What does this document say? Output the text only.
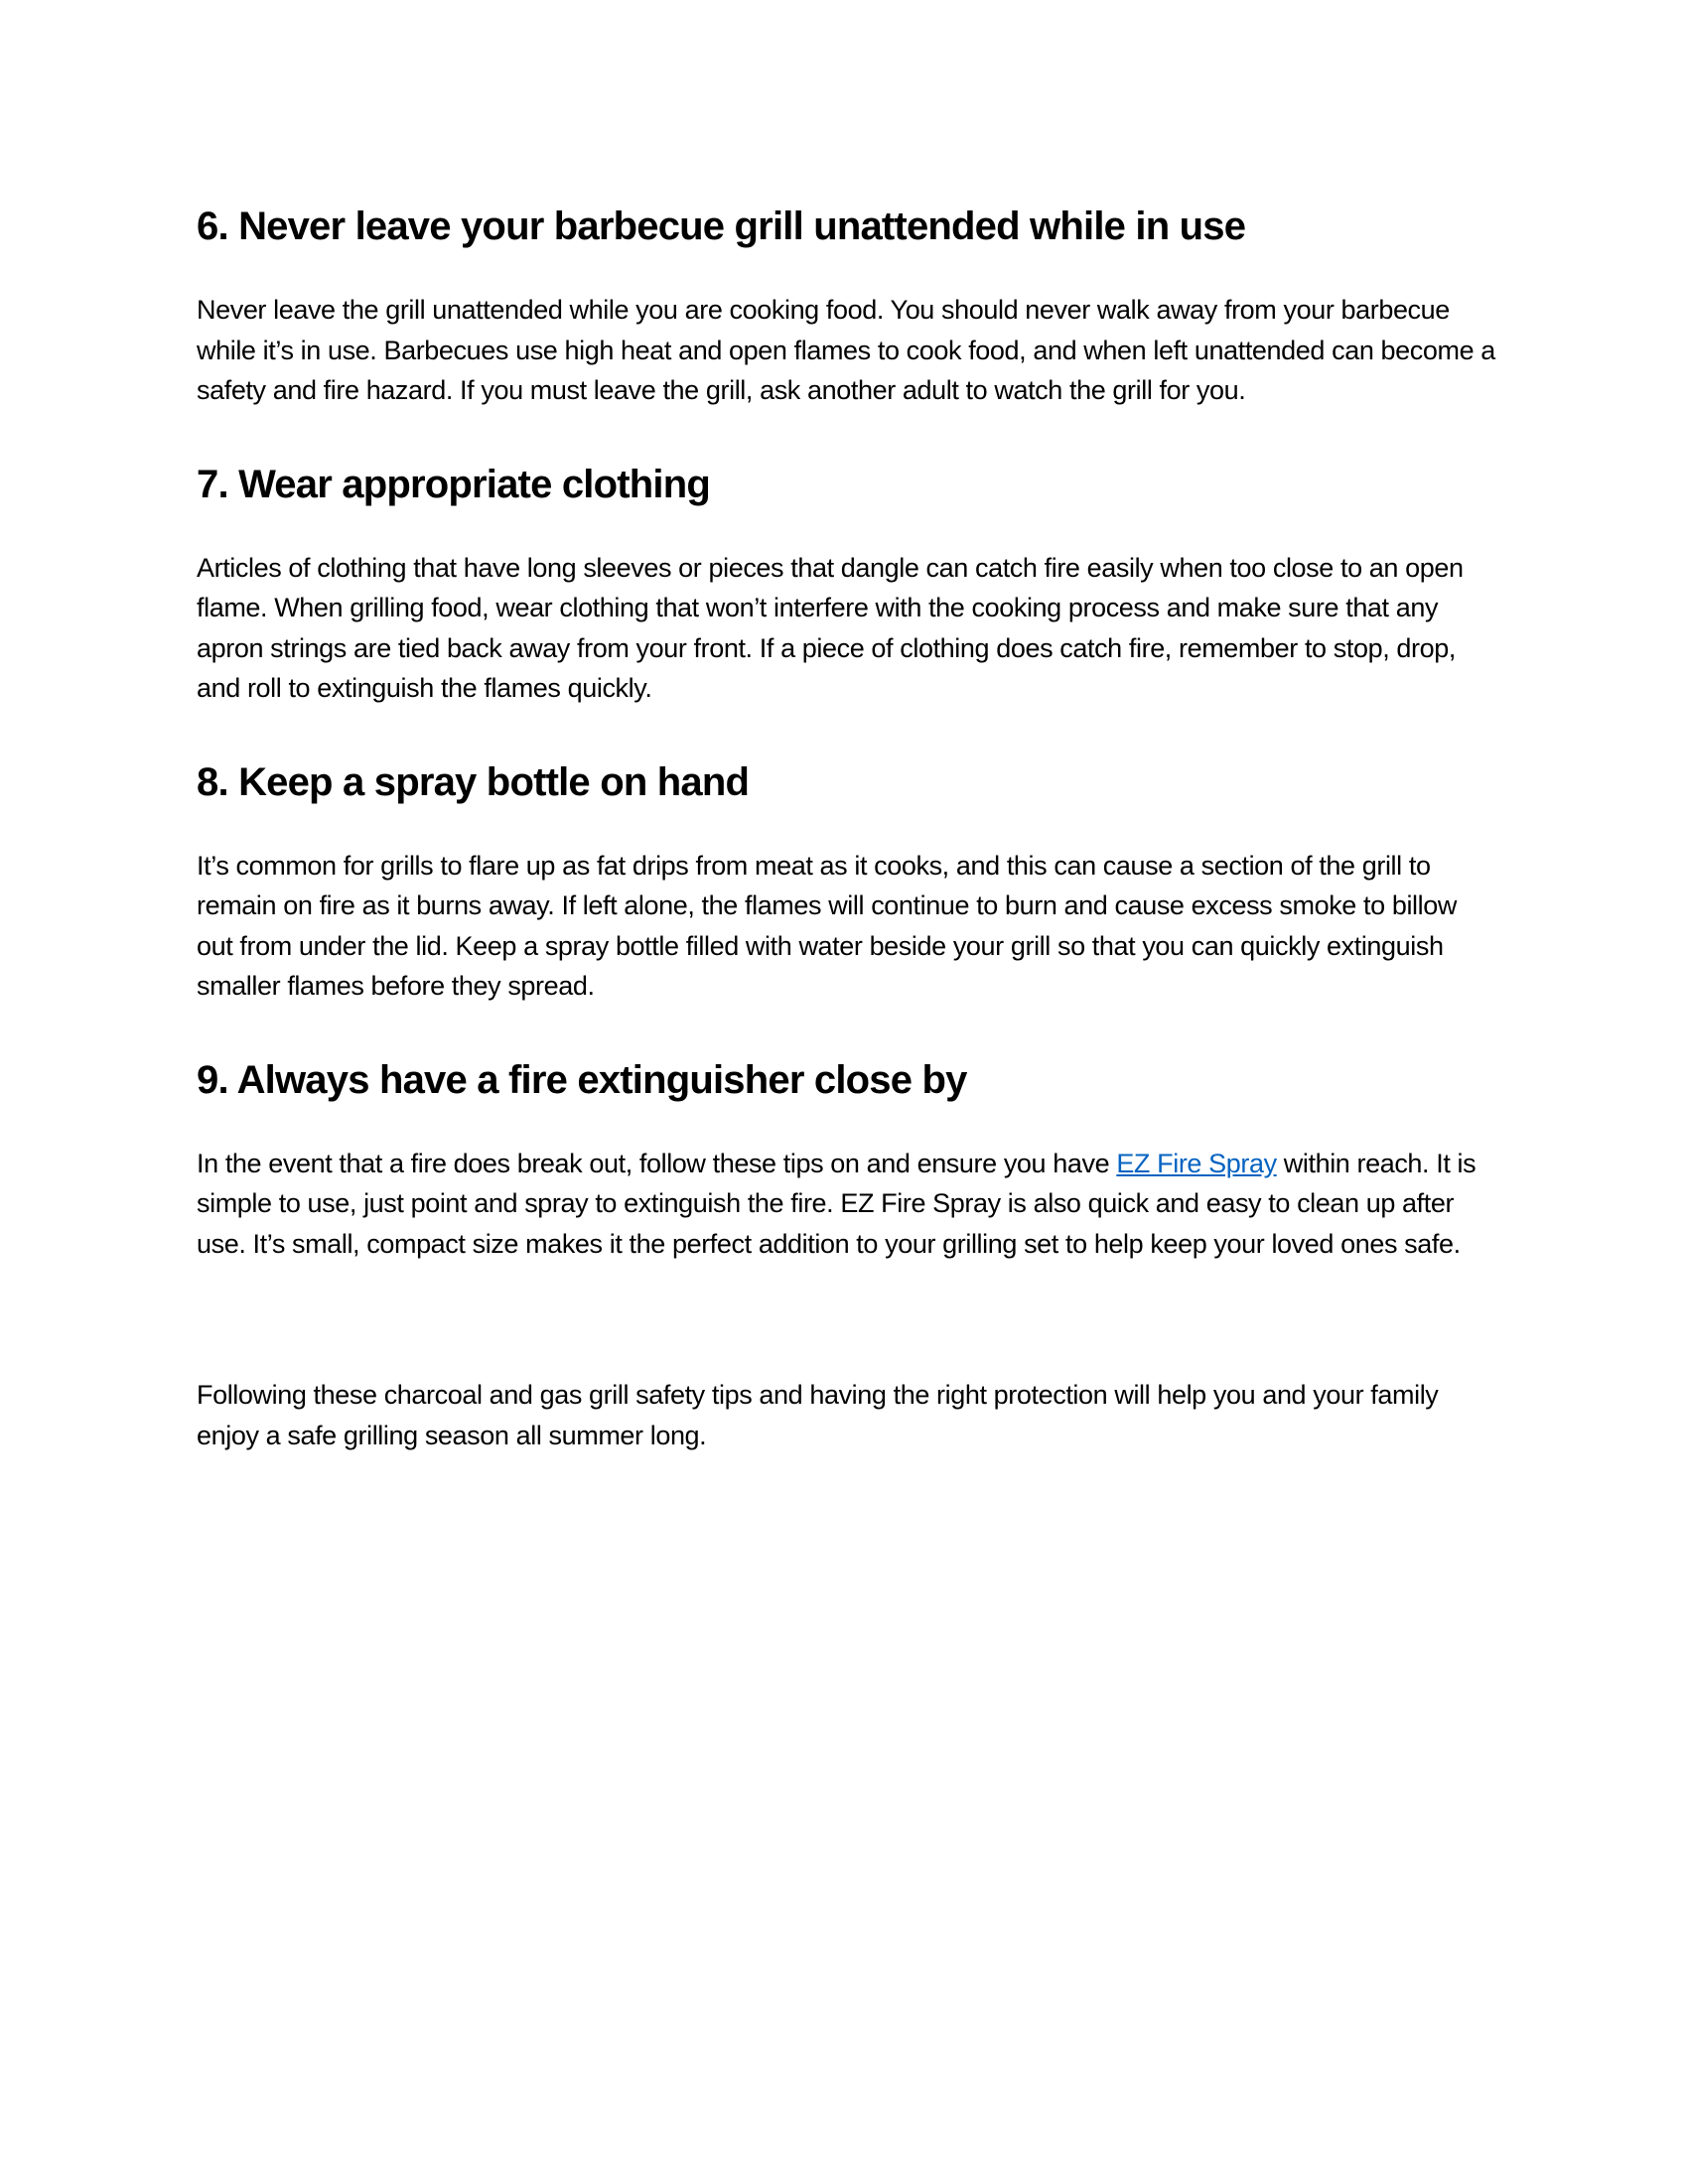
6. Never leave your barbecue grill unattended while in use

Never leave the grill unattended while you are cooking food. You should never walk away from your barbecue while it’s in use. Barbecues use high heat and open flames to cook food, and when left unattended can become a safety and fire hazard. If you must leave the grill, ask another adult to watch the grill for you.

7. Wear appropriate clothing

Articles of clothing that have long sleeves or pieces that dangle can catch fire easily when too close to an open flame. When grilling food, wear clothing that won’t interfere with the cooking process and make sure that any apron strings are tied back away from your front. If a piece of clothing does catch fire, remember to stop, drop, and roll to extinguish the flames quickly.

8. Keep a spray bottle on hand

It’s common for grills to flare up as fat drips from meat as it cooks, and this can cause a section of the grill to remain on fire as it burns away. If left alone, the flames will continue to burn and cause excess smoke to billow out from under the lid. Keep a spray bottle filled with water beside your grill so that you can quickly extinguish smaller flames before they spread.

9. Always have a fire extinguisher close by

In the event that a fire does break out, follow these tips on and ensure you have EZ Fire Spray within reach. It is simple to use, just point and spray to extinguish the fire. EZ Fire Spray is also quick and easy to clean up after use. It’s small, compact size makes it the perfect addition to your grilling set to help keep your loved ones safe.

Following these charcoal and gas grill safety tips and having the right protection will help you and your family enjoy a safe grilling season all summer long.
